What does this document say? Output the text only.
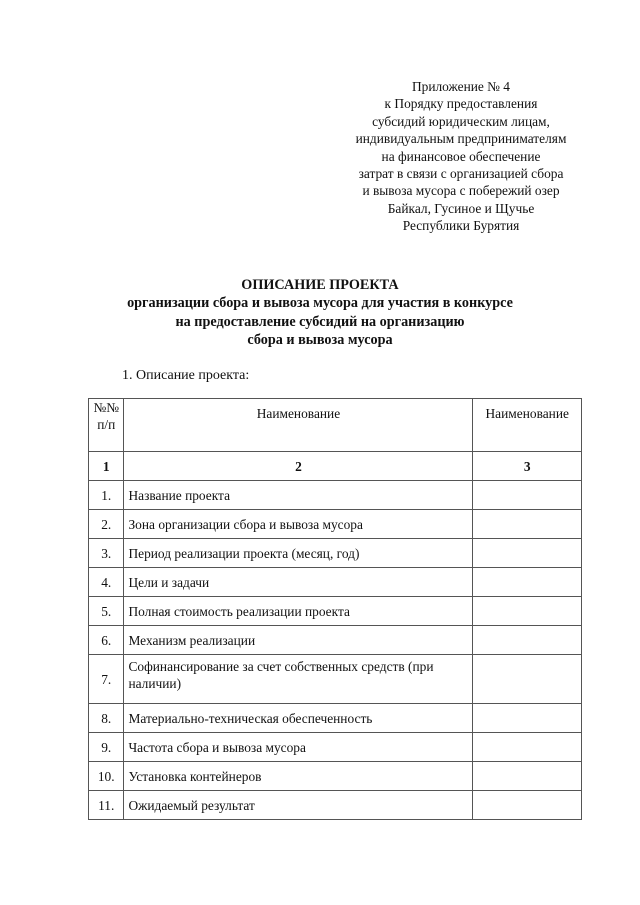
Приложение № 4
к Порядку предоставления
субсидий юридическим лицам,
индивидуальным предпринимателям
на финансовое обеспечение
затрат в связи с организацией сбора
и вывоза мусора с побережий озер
Байкал, Гусиное и Щучье
Республики Бурятия
ОПИСАНИЕ ПРОЕКТА
организации сбора и вывоза мусора для участия в конкурсе
на предоставление субсидий на организацию
сбора и вывоза мусора
1. Описание проекта:
№№
п/п	Наименование	Наименование
1	2	3
1.	Название проекта	
2.	Зона организации сбора и вывоза мусора	
3.	Период реализации проекта (месяц, год)	
4.	Цели и задачи	
5.	Полная стоимость реализации проекта	
6.	Механизм реализации	
7.	Софинансирование за счет собственных средств (при наличии)	
8.	Материально-техническая обеспеченность	
9.	Частота сбора и вывоза мусора	
10.	Установка контейнеров	
11.	Ожидаемый результат	
